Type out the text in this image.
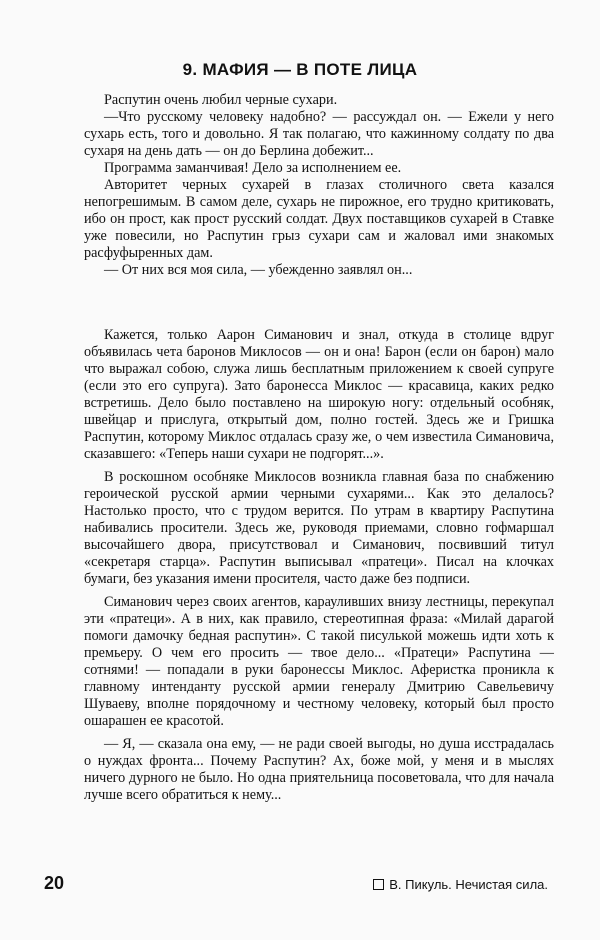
9. МАФИЯ — В ПОТЕ ЛИЦА

Распутин очень любил черные сухари.

—Что русскому человеку надобно? — рассуждал он. — Ежели у него сухарь есть, того и довольно. Я так полагаю, что кажинному солдату по два сухаря на день дать — он до Берлина добежит...

Программа заманчивая! Дело за исполнением ее.

Авторитет черных сухарей в глазах столичного света казался непогрешимым. В самом деле, сухарь не пирожное, его трудно критиковать, ибо он прост, как прост русский солдат. Двух поставщиков сухарей в Ставке уже повесили, но Распутин грыз сухари сам и жаловал ими знакомых расфуфыренных дам.

— От них вся моя сила, — убежденно заявлял он...

Кажется, только Аарон Симанович и знал, откуда в столице вдруг объявилась чета баронов Миклосов — он и она! Барон (если он барон) мало что выражал собою, служа лишь бесплатным приложением к своей супруге (если это его супруга). Зато баронесса Миклос — красавица, каких редко встретишь. Дело было поставлено на широкую ногу: отдельный особняк, швейцар и прислуга, открытый дом, полно гостей. Здесь же и Гришка Распутин, которому Миклос отдалась сразу же, о чем известила Симановича, сказавшего: «Теперь наши сухари не подгорят...».

В роскошном особняке Миклосов возникла главная база по снабжению героической русской армии черными сухарями... Как это делалось? Настолько просто, что с трудом верится. По утрам в квартиру Распутина набивались просители. Здесь же, руководя приемами, словно гофмаршал высочайшего двора, присутствовал и Симанович, посвивший титул «секретаря старца». Распутин выписывал «пратеци». Писал на клочках бумаги, без указания имени просителя, часто даже без подписи.

Симанович через своих агентов, карауливших внизу лестницы, перекупал эти «пратеци». А в них, как правило, стереотипная фраза: «Милай дарагой помоги дамочку бедная распутин». С такой писулькой можешь идти хоть к премьеру. О чем его просить — твое дело... «Пратеци» Распутина — сотнями! — попадали в руки баронессы Миклос. Аферистка проникла к главному интенданту русской армии генералу Дмитрию Савельевичу Шуваеву, вполне порядочному и честному человеку, который был просто ошарашен ее красотой.

— Я, — сказала она ему, — не ради своей выгоды, но душа исстрадалась о нуждах фронта... Почему Распутин? Ах, боже мой, у меня и в мыслях ничего дурного не было. Но одна приятельница посоветовала, что для начала лучше всего обратиться к нему...

20	В. Пикуль. Нечистая сила.
